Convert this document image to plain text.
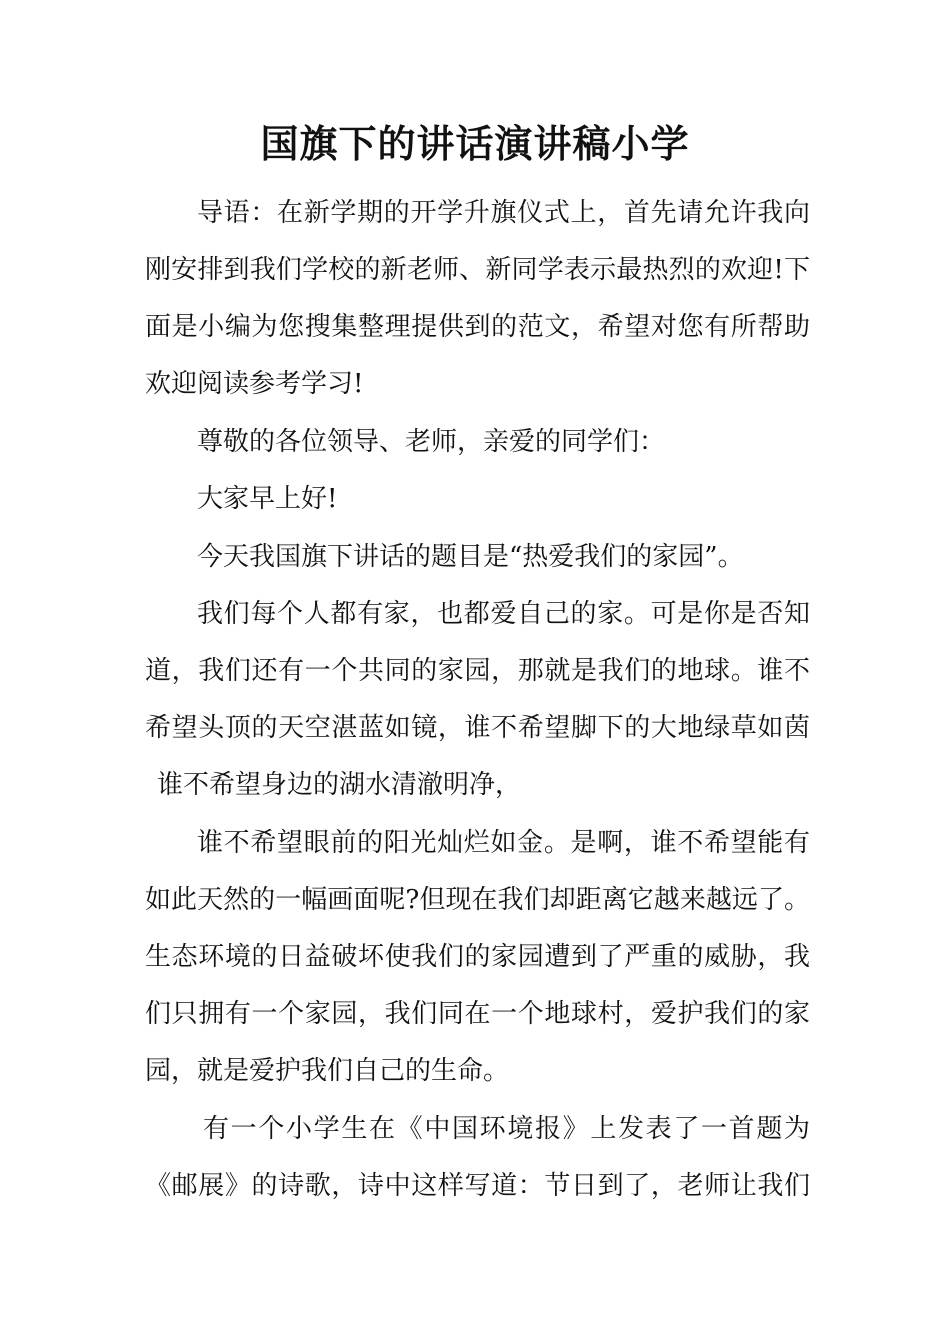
国旗下的讲话演讲稿小学
导语：在新学期的开学升旗仪式上，首先请允许我向
刚安排到我们学校的新老师、新同学表示最热烈的欢迎!下
面是小编为您搜集整理提供到的范文，希望对您有所帮助
欢迎阅读参考学习!
尊敬的各位领导、老师，亲爱的同学们：
大家早上好!
今天我国旗下讲话的题目是“热爱我们的家园”。
我们每个人都有家，也都爱自己的家。可是你是否知
道，我们还有一个共同的家园，那就是我们的地球。谁不
希望头顶的天空湛蓝如镜，谁不希望脚下的大地绿草如茵
谁不希望身边的湖水清澈明净，
谁不希望眼前的阳光灿烂如金。是啊，谁不希望能有
如此天然的一幅画面呢?但现在我们却距离它越来越远了。
生态环境的日益破坏使我们的家园遭到了严重的威胁，我
们只拥有一个家园，我们同在一个地球村，爱护我们的家
园，就是爱护我们自己的生命。
有一个小学生在《中国环境报》上发表了一首题为
《邮展》的诗歌，诗中这样写道：节日到了，老师让我们
